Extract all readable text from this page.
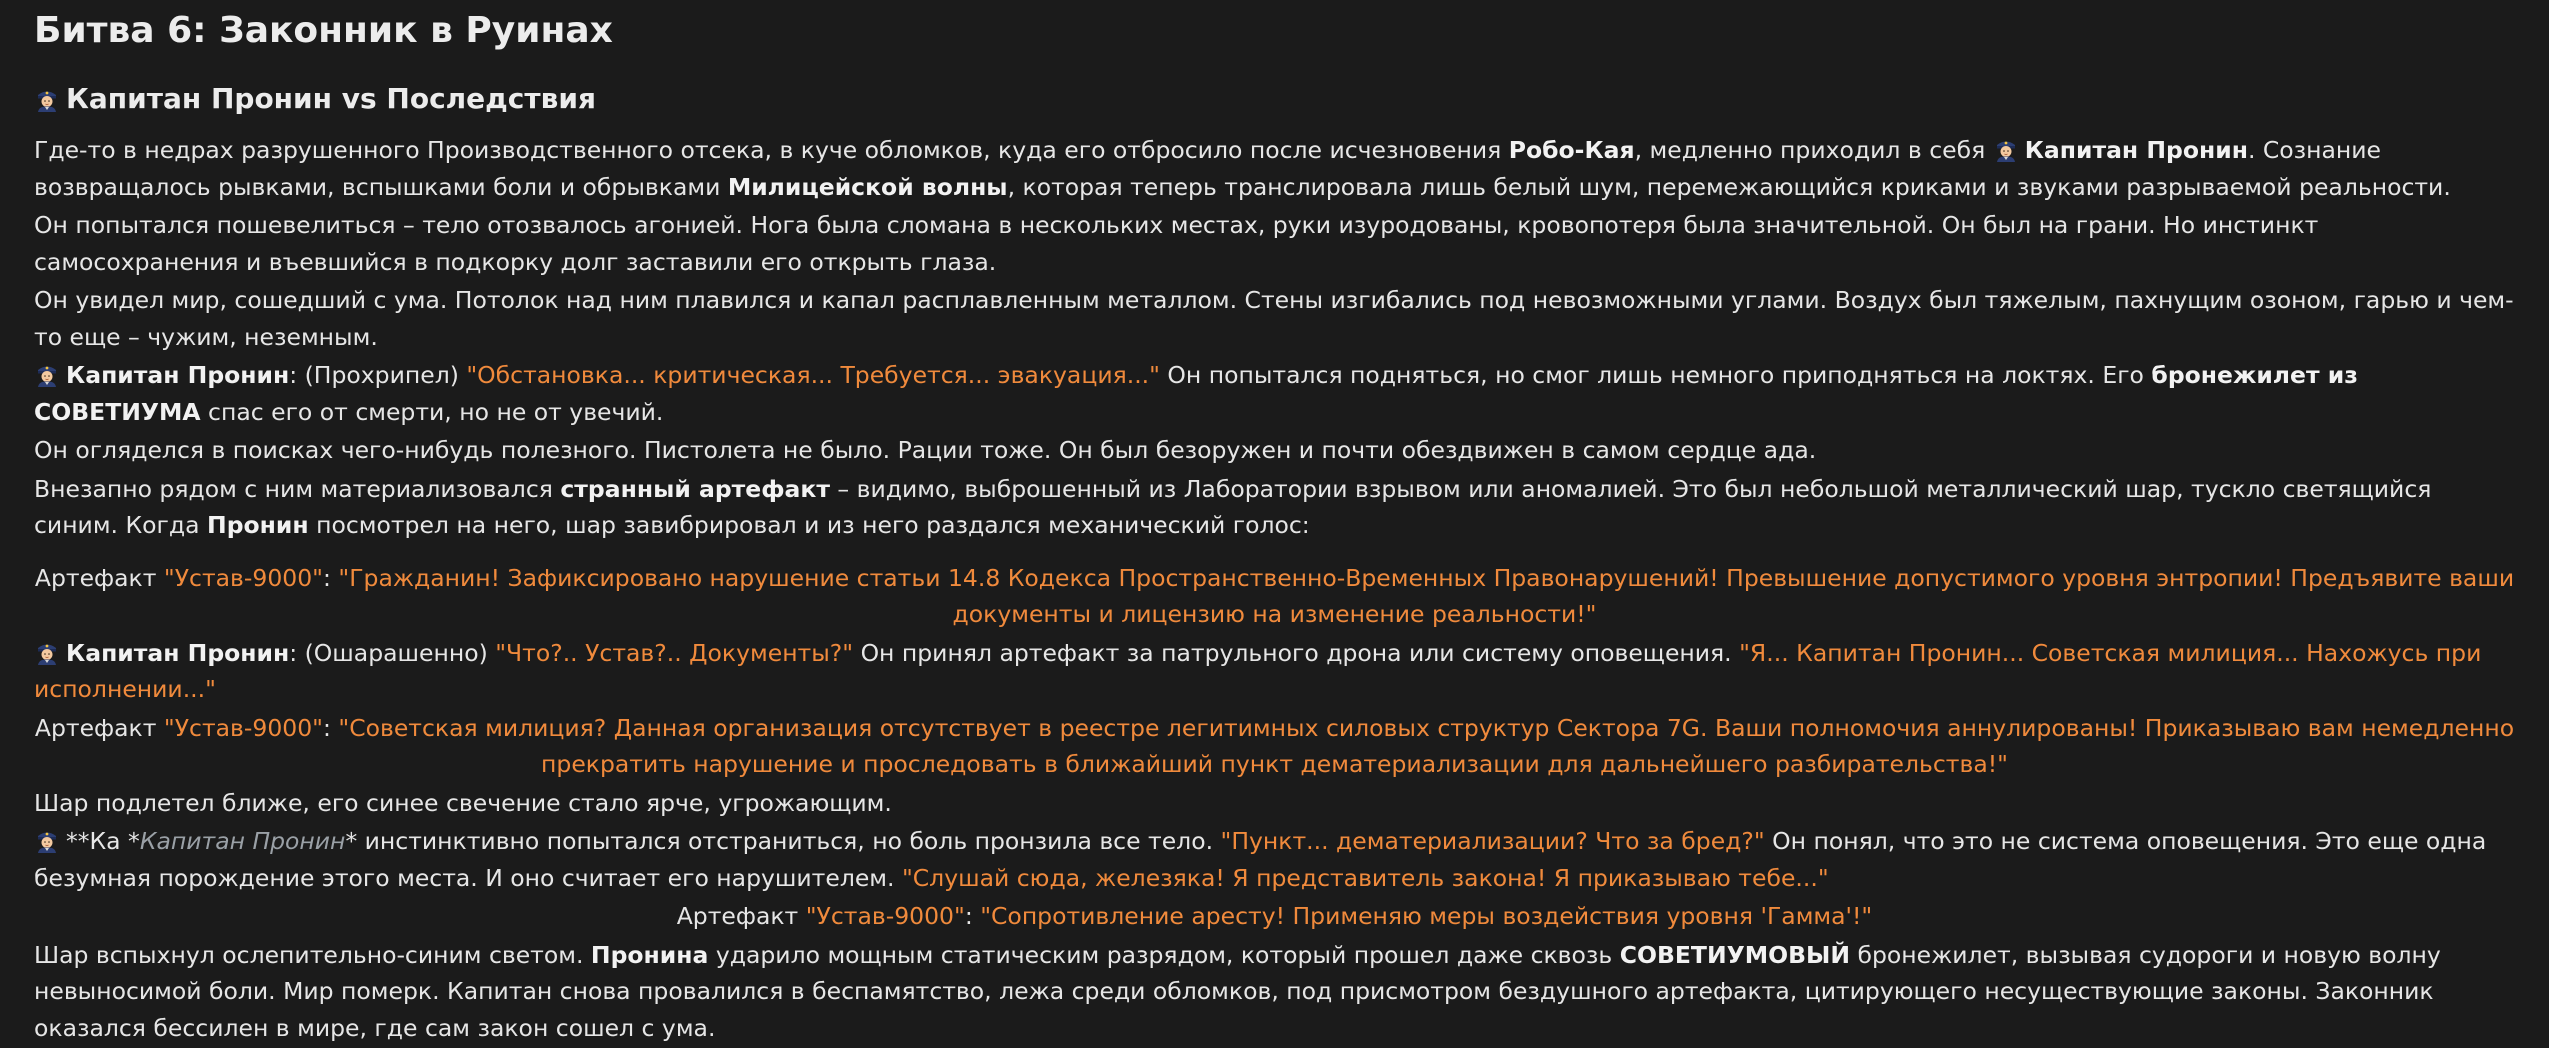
Битва 6: Законник в Руинах
Капитан Пронин vs Последствия
Где-то в недрах разрушенного Производственного отсека, в куче обломков, куда его отбросило после исчезновения Робо-Кая, медленно приходил в себя Капитан Пронин. Сознание возвращалось рывками, вспышками боли и обрывками Милицейской волны, которая теперь транслировала лишь белый шум, перемежающийся криками и звуками разрываемой реальности.
Он попытался пошевелиться – тело отозвалось агонией. Нога была сломана в нескольких местах, руки изуродованы, кровопотеря была значительной. Он был на грани. Но инстинкт самосохранения и въевшийся в подкорку долг заставили его открыть глаза.
Он увидел мир, сошедший с ума. Потолок над ним плавился и капал расплавленным металлом. Стены изгибались под невозможными углами. Воздух был тяжелым, пахнущим озоном, гарью и чем-то еще – чужим, неземным.
Капитан Пронин: (Прохрипел) "Обстановка... критическая... Требуется... эвакуация..." Он попытался подняться, но смог лишь немного приподняться на локтях. Его бронежилет из СОВЕТИУМА спас его от смерти, но не от увечий.
Он огляделся в поисках чего-нибудь полезного. Пистолета не было. Рации тоже. Он был безоружен и почти обездвижен в самом сердце ада.
Внезапно рядом с ним материализовался странный артефакт – видимо, выброшенный из Лаборатории взрывом или аномалией. Это был небольшой металлический шар, тускло светящийся синим. Когда Пронин посмотрел на него, шар завибрировал и из него раздался механический голос:
Артефакт "Устав-9000": "Гражданин! Зафиксировано нарушение статьи 14.8 Кодекса Пространственно-Временных Правонарушений! Превышение допустимого уровня энтропии! Предъявите ваши документы и лицензию на изменение реальности!"
Капитан Пронин: (Ошарашенно) "Что?.. Устав?.. Документы?" Он принял артефакт за патрульного дрона или систему оповещения. "Я... Капитан Пронин... Советская милиция... Нахожусь при исполнении..."
Артефакт "Устав-9000": "Советская милиция? Данная организация отсутствует в реестре легитимных силовых структур Сектора 7G. Ваши полномочия аннулированы! Приказываю вам немедленно прекратить нарушение и проследовать в ближайший пункт дематериализации для дальнейшего разбирательства!"
Шар подлетел ближе, его синее свечение стало ярче, угрожающим.
**Ка *Капитан Пронин* инстинктивно попытался отстраниться, но боль пронзила все тело. "Пункт... дематериализации? Что за бред?" Он понял, что это не система оповещения. Это еще одна безумная порождение этого места. И оно считает его нарушителем. "Слушай сюда, железяка! Я представитель закона! Я приказываю тебе..."
Артефакт "Устав-9000": "Сопротивление аресту! Применяю меры воздействия уровня 'Гамма'!"
Шар вспыхнул ослепительно-синим светом. Пронина ударило мощным статическим разрядом, который прошел даже сквозь СОВЕТИУМОВЫЙ бронежилет, вызывая судороги и новую волну невыносимой боли. Мир померк. Капитан снова провалился в беспамятство, лежа среди обломков, под присмотром бездушного артефакта, цитирующего несуществующие законы. Законник оказался бессилен в мире, где сам закон сошел с ума.
